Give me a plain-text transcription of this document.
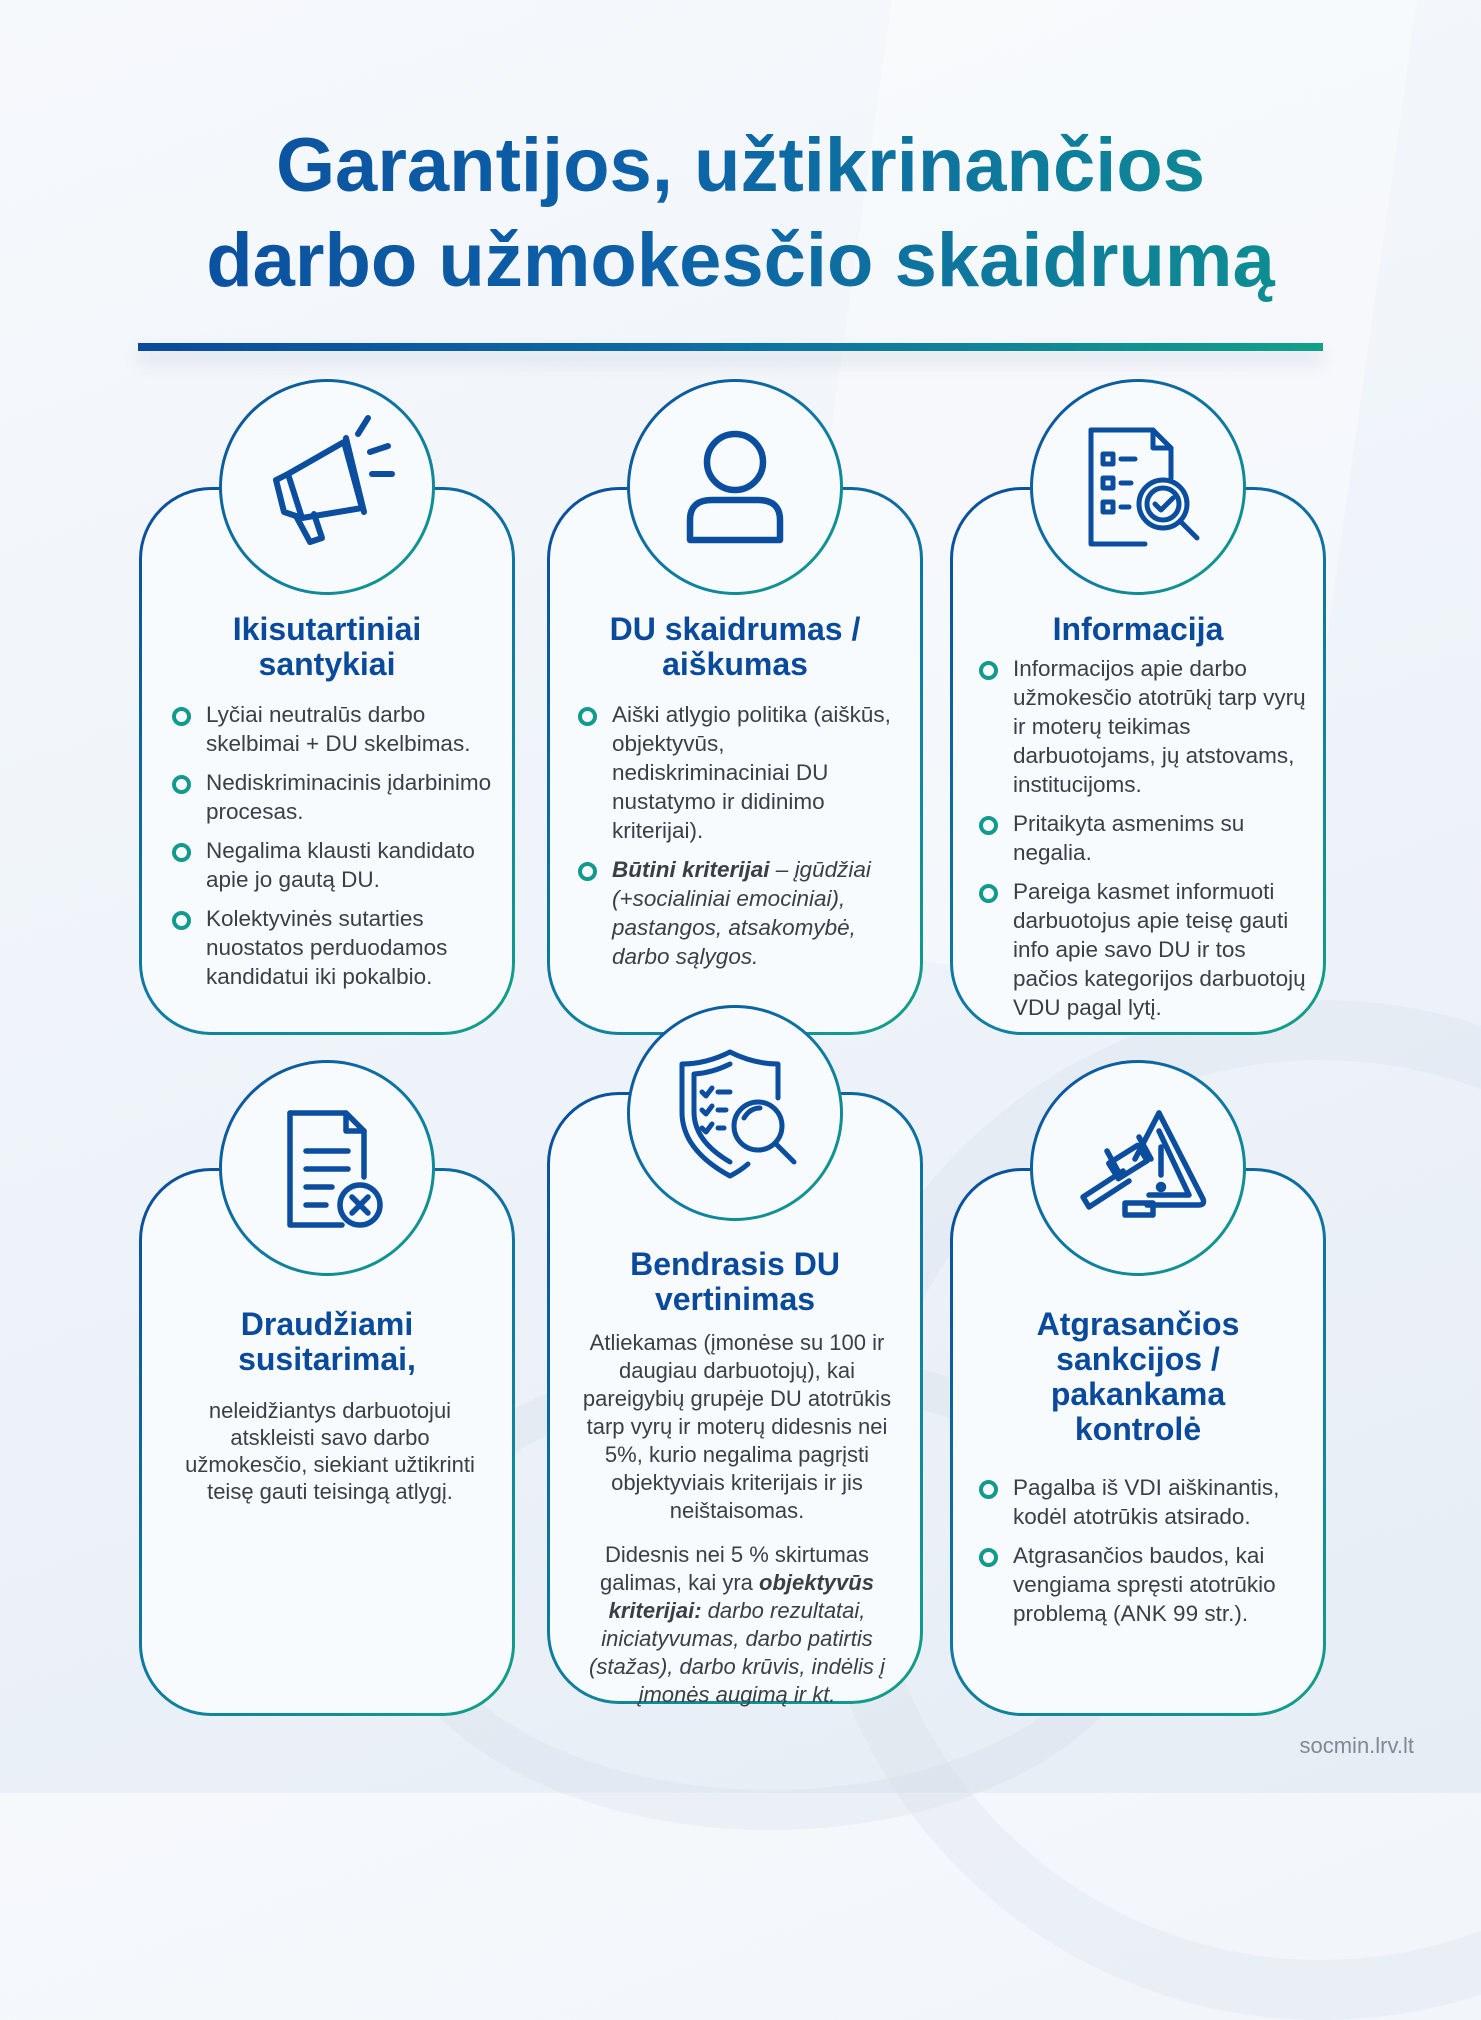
Garantijos, užtikrinančios
darbo užmokesčio skaidrumą
Ikisutartiniai
santykiai
Lyčiai neutralūs darbo skelbimai + DU skelbimas.
Nediskriminacinis įdarbinimo procesas.
Negalima klausti kandidato apie jo gautą DU.
Kolektyvinės sutarties nuostatos perduodamos kandidatui iki pokalbio.
DU skaidrumas /
aiškumas
Aiški atlygio politika (aiškūs, objektyvūs, nediskriminaciniai DU nustatymo ir didinimo kriterijai).
Būtini kriterijai – įgūdžiai (+socialiniai emociniai), pastangos, atsakomybė, darbo sąlygos.
Informacija
Informacijos apie darbo užmokesčio atotrūkį tarp vyrų ir moterų teikimas darbuotojams, jų atstovams, institucijoms.
Pritaikyta asmenims su negalia.
Pareiga kasmet informuoti darbuotojus apie teisę gauti info apie savo DU ir tos pačios kategorijos darbuotojų VDU pagal lytį.
Draudžiami
susitarimai,

neleidžiantys darbuotojui atskleisti savo darbo užmokesčio, siekiant užtikrinti teisę gauti teisingą atlygį.

Bendrasis DU
vertinimas

Atliekamas (įmonėse su 100 ir daugiau darbuotojų), kai pareigybių grupėje DU atotrūkis tarp vyrų ir moterų didesnis nei 5%, kurio negalima pagrįsti objektyviais kriterijais ir jis neištaisomas.

Didesnis nei 5 % skirtumas galimas, kai yra objektyvūs kriterijai: darbo rezultatai, iniciatyvumas, darbo patirtis (stažas), darbo krūvis, indėlis į įmonės augimą ir kt.

Atgrasančios
sankcijos /
pakankama
kontrolė
Pagalba iš VDI aiškinantis, kodėl atotrūkis atsirado.
Atgrasančios baudos, kai vengiama spręsti atotrūkio problemą (ANK 99 str.).
socmin.lrv.lt
